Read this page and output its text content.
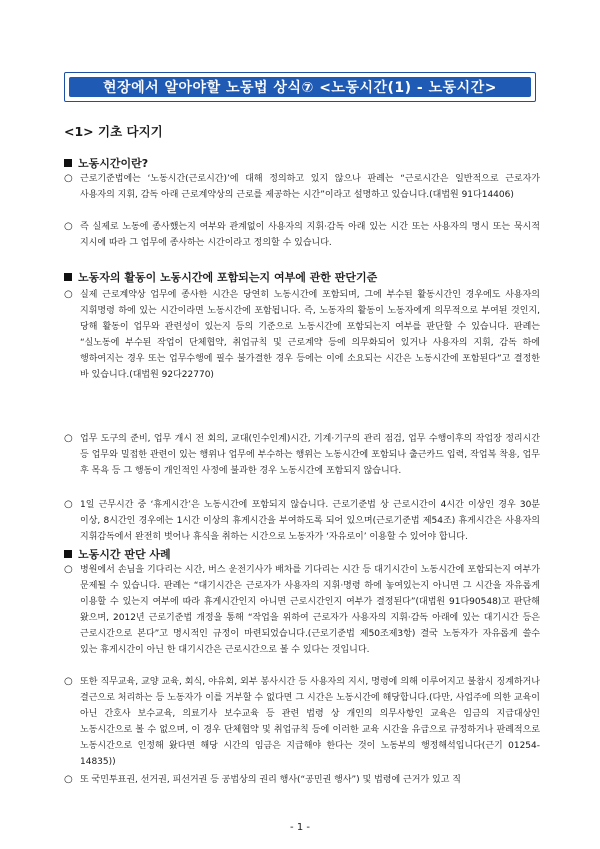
현장에서 알아야할 노동법 상식⑦ <노동시간(1) - 노동시간>
<1> 기초 다지기
노동시간이란?
○ 근로기준법에는 ‘노동시간(근로시간)’에 대해 정의하고 있지 않으나 판례는 “근로시간은 일반적으로 근로자가 사용자의 지휘, 감독 아래 근로계약상의 근로를 제공하는 시간”이라고 설명하고 있습니다.(대법원 91다14406)
○ 즉 실제로 노동에 종사했는지 여부와 관계없이 사용자의 지휘·감독 아래 있는 시간 또는 사용자의 명시 또는 묵시적 지시에 따라 그 업무에 종사하는 시간이라고 정의할 수 있습니다.
노동자의 활동이 노동시간에 포함되는지 여부에 관한 판단기준
○ 실제 근로계약상 업무에 종사한 시간은 당연히 노동시간에 포함되며, 그에 부수된 활동시간인 경우에도 사용자의 지휘명령 하에 있는 시간이라면 노동시간에 포함됩니다. 즉, 노동자의 활동이 노동자에게 의무적으로 부여된 것인지, 당해 활동이 업무와 관련성이 있는지 등의 기준으로 노동시간에 포함되는지 여부를 판단할 수 있습니다. 판례는 “실노동에 부수된 작업이 단체협약, 취업규칙 및 근로계약 등에 의무화되어 있거나 사용자의 지휘, 감독 하에 행하여지는 경우 또는 업무수행에 필수 불가결한 경우 등에는 이에 소요되는 시간은 노동시간에 포함된다”고 결정한 바 있습니다.(대법원 92다22770)
○ 업무 도구의 준비, 업무 개시 전 회의, 교대(인수인계)시간, 기계·기구의 관리 점검, 업무 수행이후의 작업장 정리시간 등 업무와 밀접한 관련이 있는 행위나 업무에 부수하는 행위는 노동시간에 포함되나 출근카드 입력, 작업복 착용, 업무 후 목욕 등 그 행동이 개인적인 사정에 불과한 경우 노동시간에 포함되지 않습니다.
○ 1일 근무시간 중 ‘휴게시간’은 노동시간에 포함되지 않습니다. 근로기준법 상 근로시간이 4시간 이상인 경우 30분 이상, 8시간인 경우에는 1시간 이상의 휴게시간을 부여하도록 되어 있으며(근로기준법 제54조) 휴게시간은 사용자의 지휘감독에서 완전히 벗어나 휴식을 취하는 시간으로 노동자가 ‘자유로이’ 이용할 수 있어야 합니다.
노동시간 판단 사례
○ 병원에서 손님을 기다리는 시간, 버스 운전기사가 배차를 기다리는 시간 등 대기시간이 노동시간에 포함되는지 여부가 문제될 수 있습니다. 판례는 “대기시간은 근로자가 사용자의 지휘·명령 하에 놓여있는지 아니면 그 시간을 자유롭게 이용할 수 있는지 여부에 따라 휴게시간인지 아니면 근로시간인지 여부가 결정된다”(대법원 91다90548)고 판단해 왔으며, 2012년 근로기준법 개정을 통해 “작업을 위하여 근로자가 사용자의 지휘·감독 아래에 있는 대기시간 등은 근로시간으로 본다”고 명시적인 규정이 마련되었습니다.(근로기준법 제50조제3항) 결국 노동자가 자유롭게 쓸수 있는 휴게시간이 아닌 한 대기시간은 근로시간으로 볼 수 있다는 것입니다.
○ 또한 직무교육, 교양 교육, 회식, 야유회, 외부 봉사시간 등 사용자의 지시, 명령에 의해 이루어지고 불참시 징계하거나 결근으로 처리하는 등 노동자가 이를 거부할 수 없다면 그 시간은 노동시간에 해당합니다.(다만, 사업주에 의한 교육이 아닌 간호사 보수교육, 의료기사 보수교육 등 관련 법령 상 개인의 의무사항인 교육은 임금의 지급대상인 노동시간으로 볼 수 없으며, 이 경우 단체협약 및 취업규칙 등에 이러한 교육 시간을 유급으로 규정하거나 판례적으로 노동시간으로 인정해 왔다면 해당 시간의 임금은 지급해야 한다는 것이 노동부의 행정해석입니다(근기 01254-14835))
○ 또 국민투표권, 선거권, 피선거권 등 공법상의 권리 행사(“공민권 행사”) 및 법령에 근거가 있고 직
- 1 -
